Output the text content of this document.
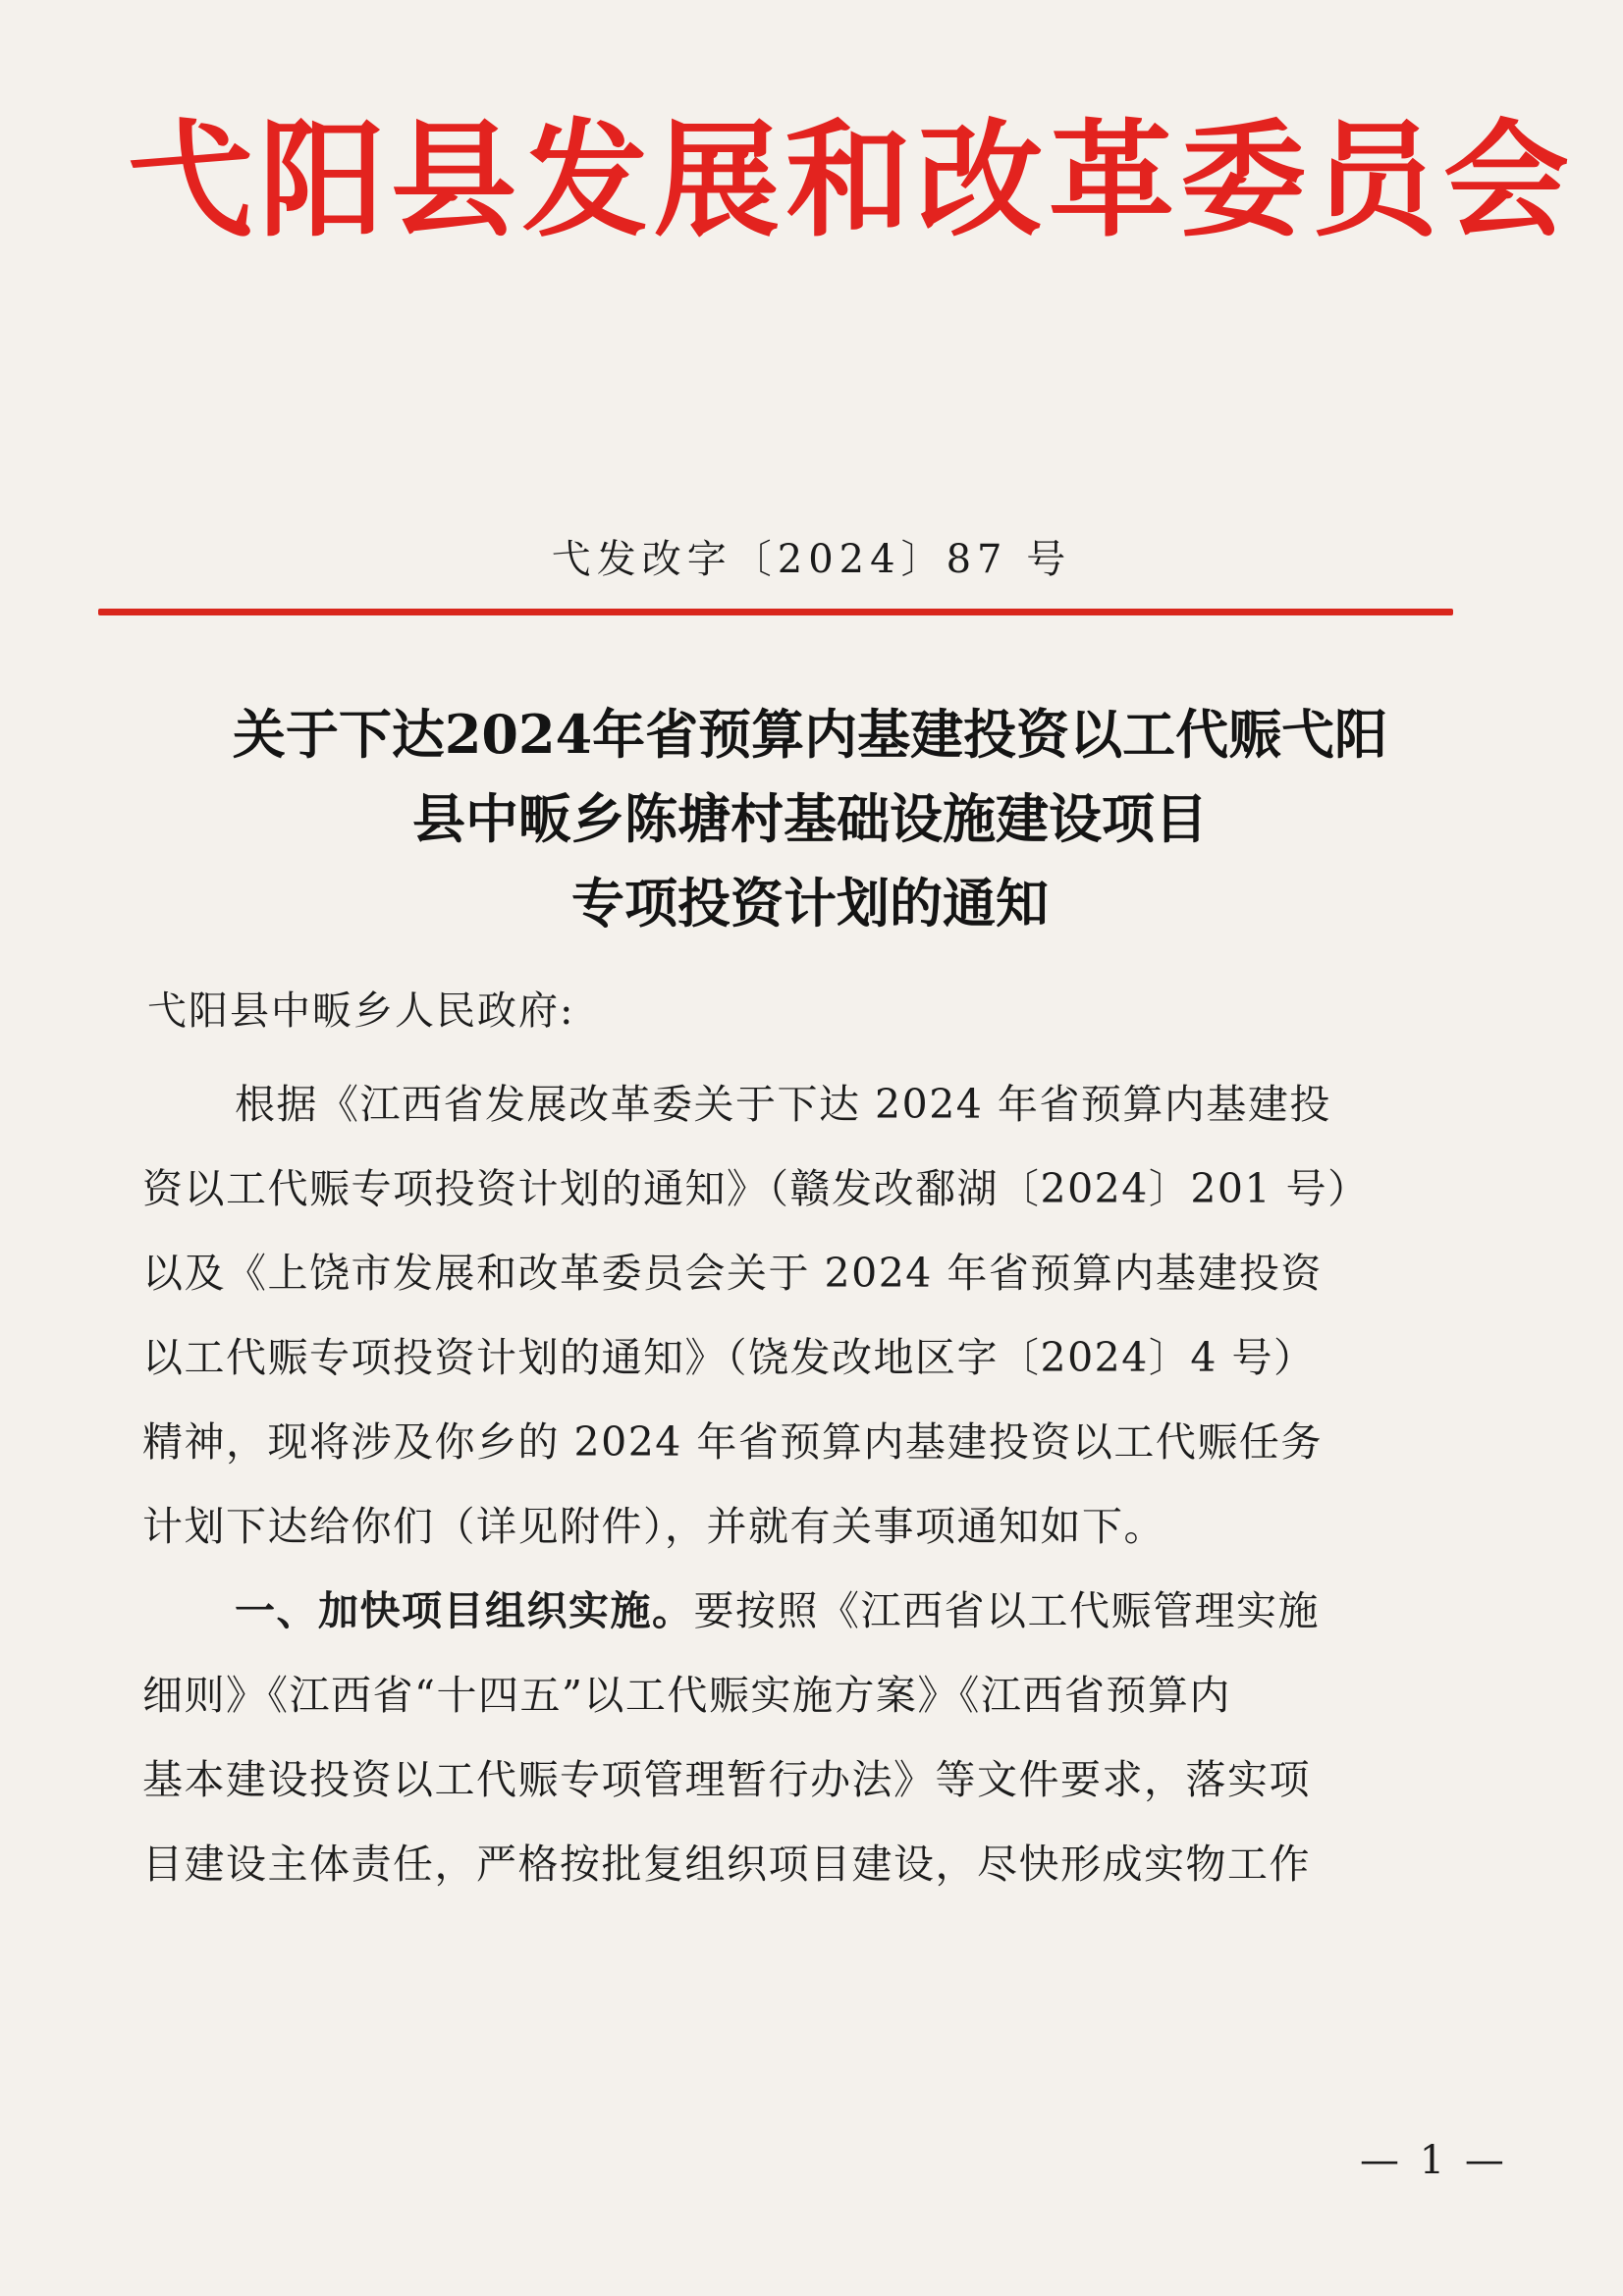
弋阳县发展和改革委员会
弋发改字〔2024〕87 号
关于下达2024年省预算内基建投资以工代赈弋阳
县中畈乡陈塘村基础设施建设项目
专项投资计划的通知
弋阳县中畈乡人民政府:
根据《江西省发展改革委关于下达 2024 年省预算内基建投
资以工代赈专项投资计划的通知》（赣发改鄱湖〔2024〕201 号）
以及《上饶市发展和改革委员会关于 2024 年省预算内基建投资
以工代赈专项投资计划的通知》（饶发改地区字〔2024〕4 号）
精神，现将涉及你乡的 2024 年省预算内基建投资以工代赈任务
计划下达给你们（详见附件），并就有关事项通知如下。
一、加快项目组织实施。要按照《江西省以工代赈管理实施
细则》《江西省“十四五”以工代赈实施方案》《江西省预算内
基本建设投资以工代赈专项管理暂行办法》等文件要求，落实项
目建设主体责任，严格按批复组织项目建设，尽快形成实物工作
— 1 —
